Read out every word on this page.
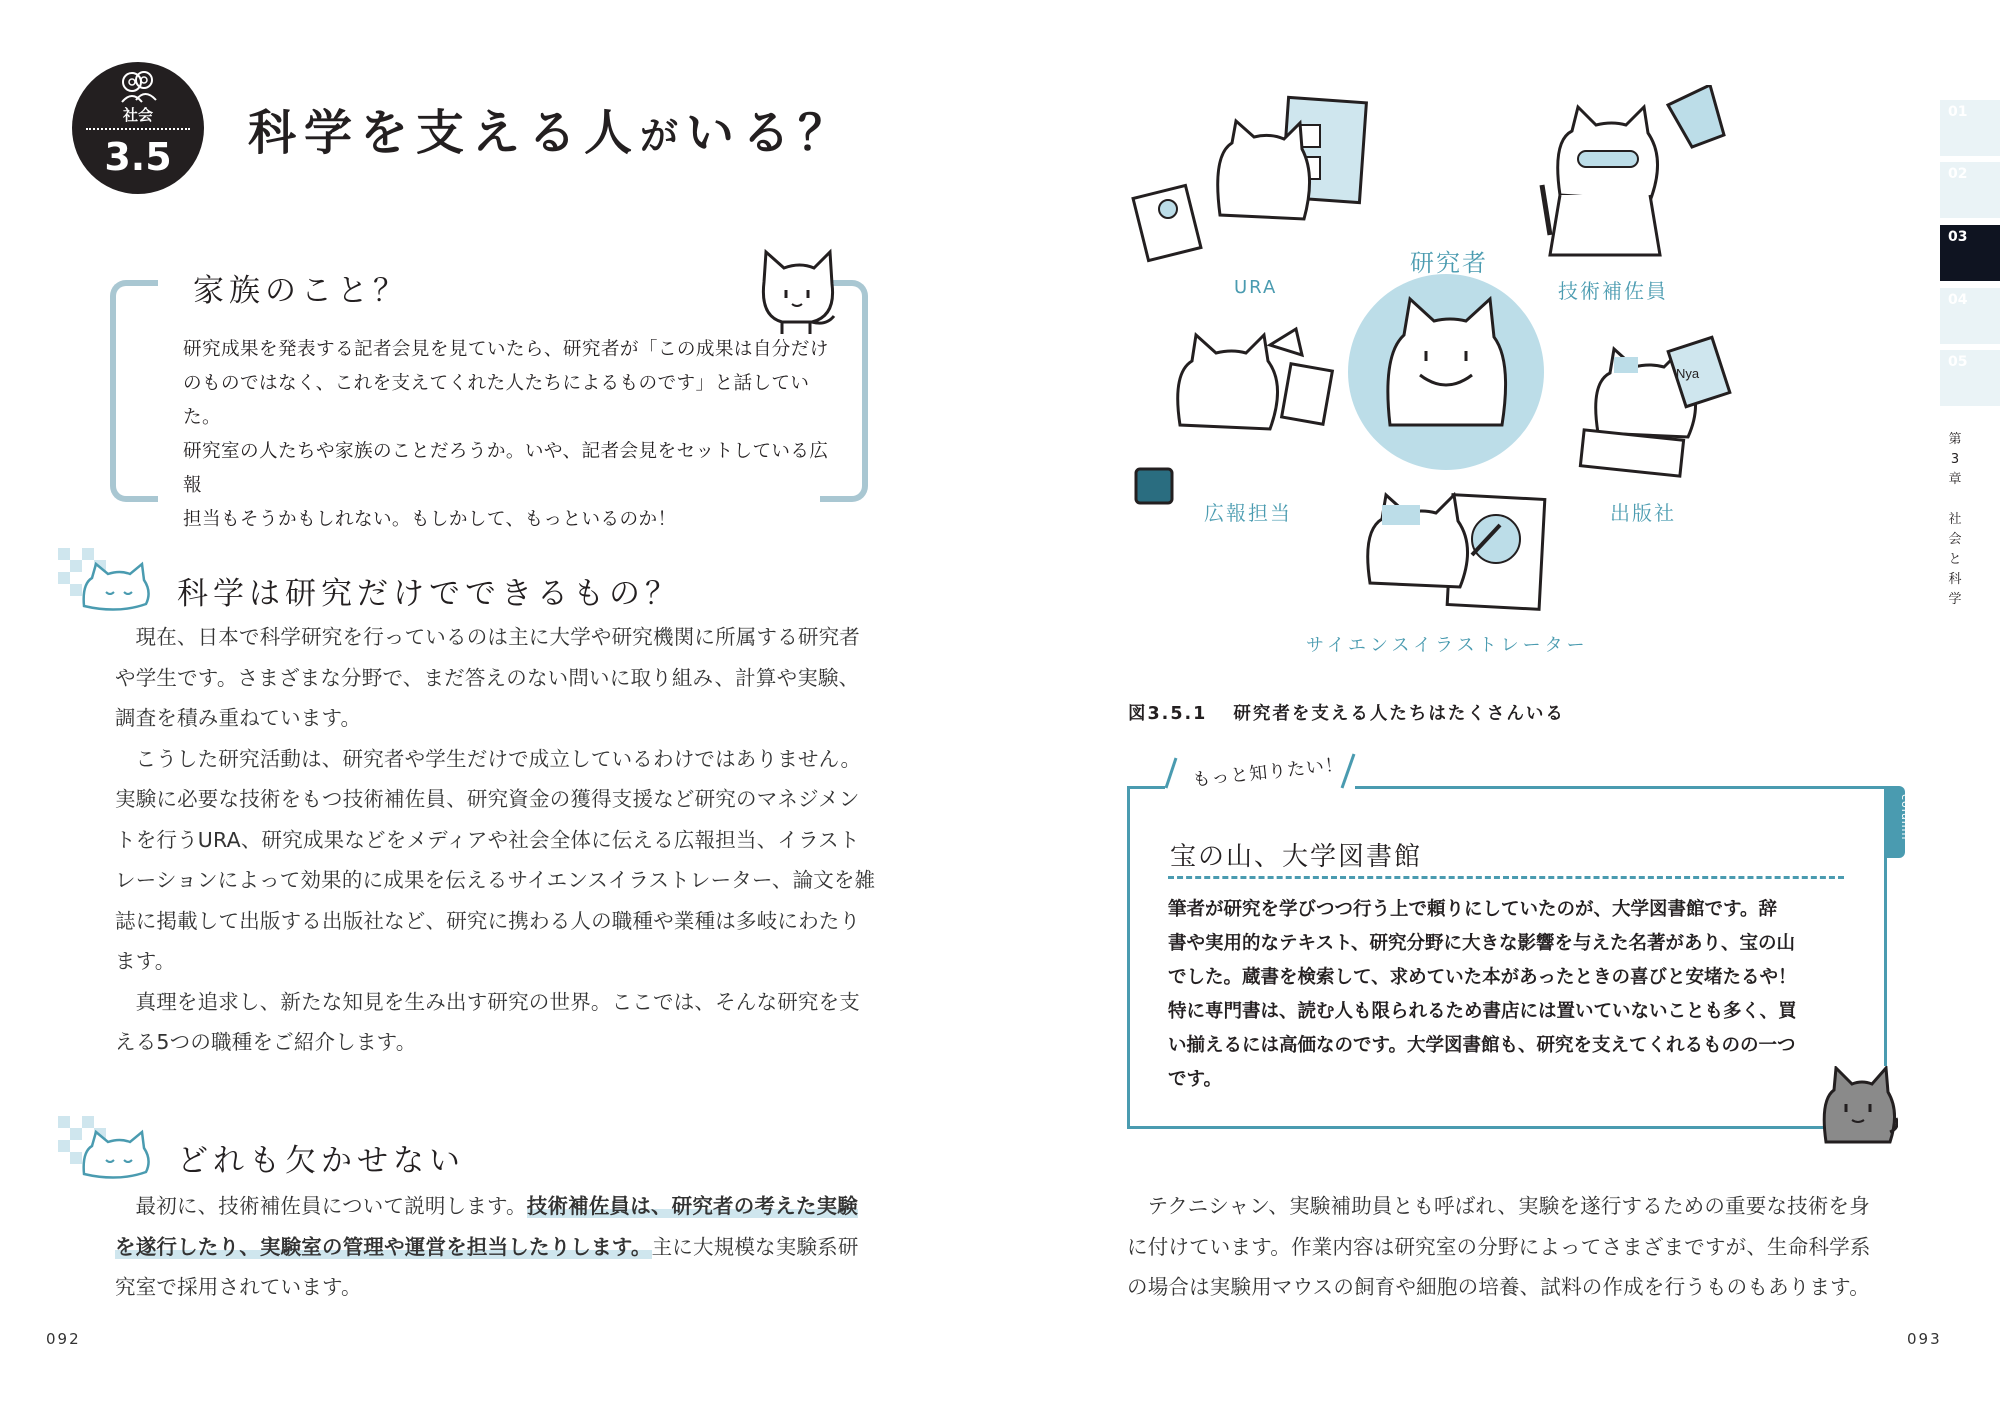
社会
3.5	科学を支える人がいる？
家族のこと？
研究成果を発表する記者会見を見ていたら、研究者が「この成果は自分だけ
のものではなく、これを支えてくれた人たちによるものです」と話していた。
研究室の人たちや家族のことだろうか。いや、記者会見をセットしている広報
担当もそうかもしれない。もしかして、もっといるのか！
科学は研究だけでできるもの？

現在、日本で科学研究を行っているのは主に大学や研究機関に所属する研究者や学生です。さまざまな分野で、まだ答えのない問いに取り組み、計算や実験、調査を積み重ねています。

こうした研究活動は、研究者や学生だけで成立しているわけではありません。実験に必要な技術をもつ技術補佐員、研究資金の獲得支援など研究のマネジメントを行うURA、研究成果などをメディアや社会全体に伝える広報担当、イラストレーションによって効果的に成果を伝えるサイエンスイラストレーター、論文を雑誌に掲載して出版する出版社など、研究に携わる人の職種や業種は多岐にわたります。

真理を追求し、新たな知見を生み出す研究の世界。ここでは、そんな研究を支える5つの職種をご紹介します。

どれも欠かせない

最初に、技術補佐員について説明します。技術補佐員は、研究者の考えた実験を遂行したり、実験室の管理や運営を担当したりします。主に大規模な実験系研究室で採用されています。

092
Nya
研究者
URA	技術補佐員
広報担当	出版社
サイエンスイラストレーター
図3.5.1 研究者を支える人たちはたくさんいる
column
もっと知りたい！
宝の山、大学図書館
筆者が研究を学びつつ行う上で頼りにしていたのが、大学図書館です。辞
書や実用的なテキスト、研究分野に大きな影響を与えた名著があり、宝の山
でした。蔵書を検索して、求めていた本があったときの喜びと安堵たるや！
特に専門書は、読む人も限られるため書店には置いていないことも多く、買
い揃えるには高価なのです。大学図書館も、研究を支えてくれるものの一つ
です。

テクニシャン、実験補助員とも呼ばれ、実験を遂行するための重要な技術を身に付けています。作業内容は研究室の分野によってさまざまですが、生命科学系の場合は実験用マウスの飼育や細胞の培養、試料の作成を行うものもあります。

093
01
02
03
04
05
第
3
章
社
会
と
科
学
